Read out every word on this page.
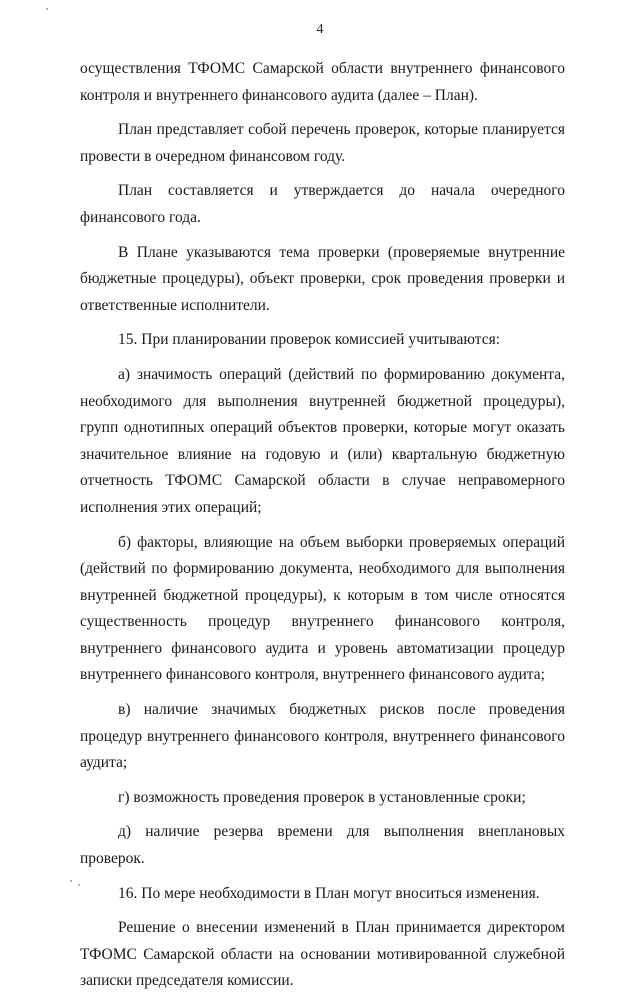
4

осуществления ТФОМС Самарской области внутреннего финансового контроля и внутреннего финансового аудита (далее – План).

План представляет собой перечень проверок, которые планируется провести в очередном финансовом году.

План составляется и утверждается до начала очередного финансового года.

В Плане указываются тема проверки (проверяемые внутренние бюджетные процедуры), объект проверки, срок проведения проверки и ответственные исполнители.

15. При планировании проверок комиссией учитываются:

а) значимость операций (действий по формированию документа, необходимого для выполнения внутренней бюджетной процедуры), групп однотипных операций объектов проверки, которые могут оказать значительное влияние на годовую и (или) квартальную бюджетную отчетность ТФОМС Самарской области в случае неправомерного исполнения этих операций;

б) факторы, влияющие на объем выборки проверяемых операций (действий по формированию документа, необходимого для выполнения внутренней бюджетной процедуры), к которым в том числе относятся существенность процедур внутреннего финансового контроля, внутреннего финансового аудита и уровень автоматизации процедур внутреннего финансового контроля, внутреннего финансового аудита;

в) наличие значимых бюджетных рисков после проведения процедур внутреннего финансового контроля, внутреннего финансового аудита;

г) возможность проведения проверок в установленные сроки;

д) наличие резерва времени для выполнения внеплановых проверок.

16. По мере необходимости в План могут вноситься изменения.

Решение о внесении изменений в План принимается директором ТФОМС Самарской области на основании мотивированной служебной записки председателя комиссии.
